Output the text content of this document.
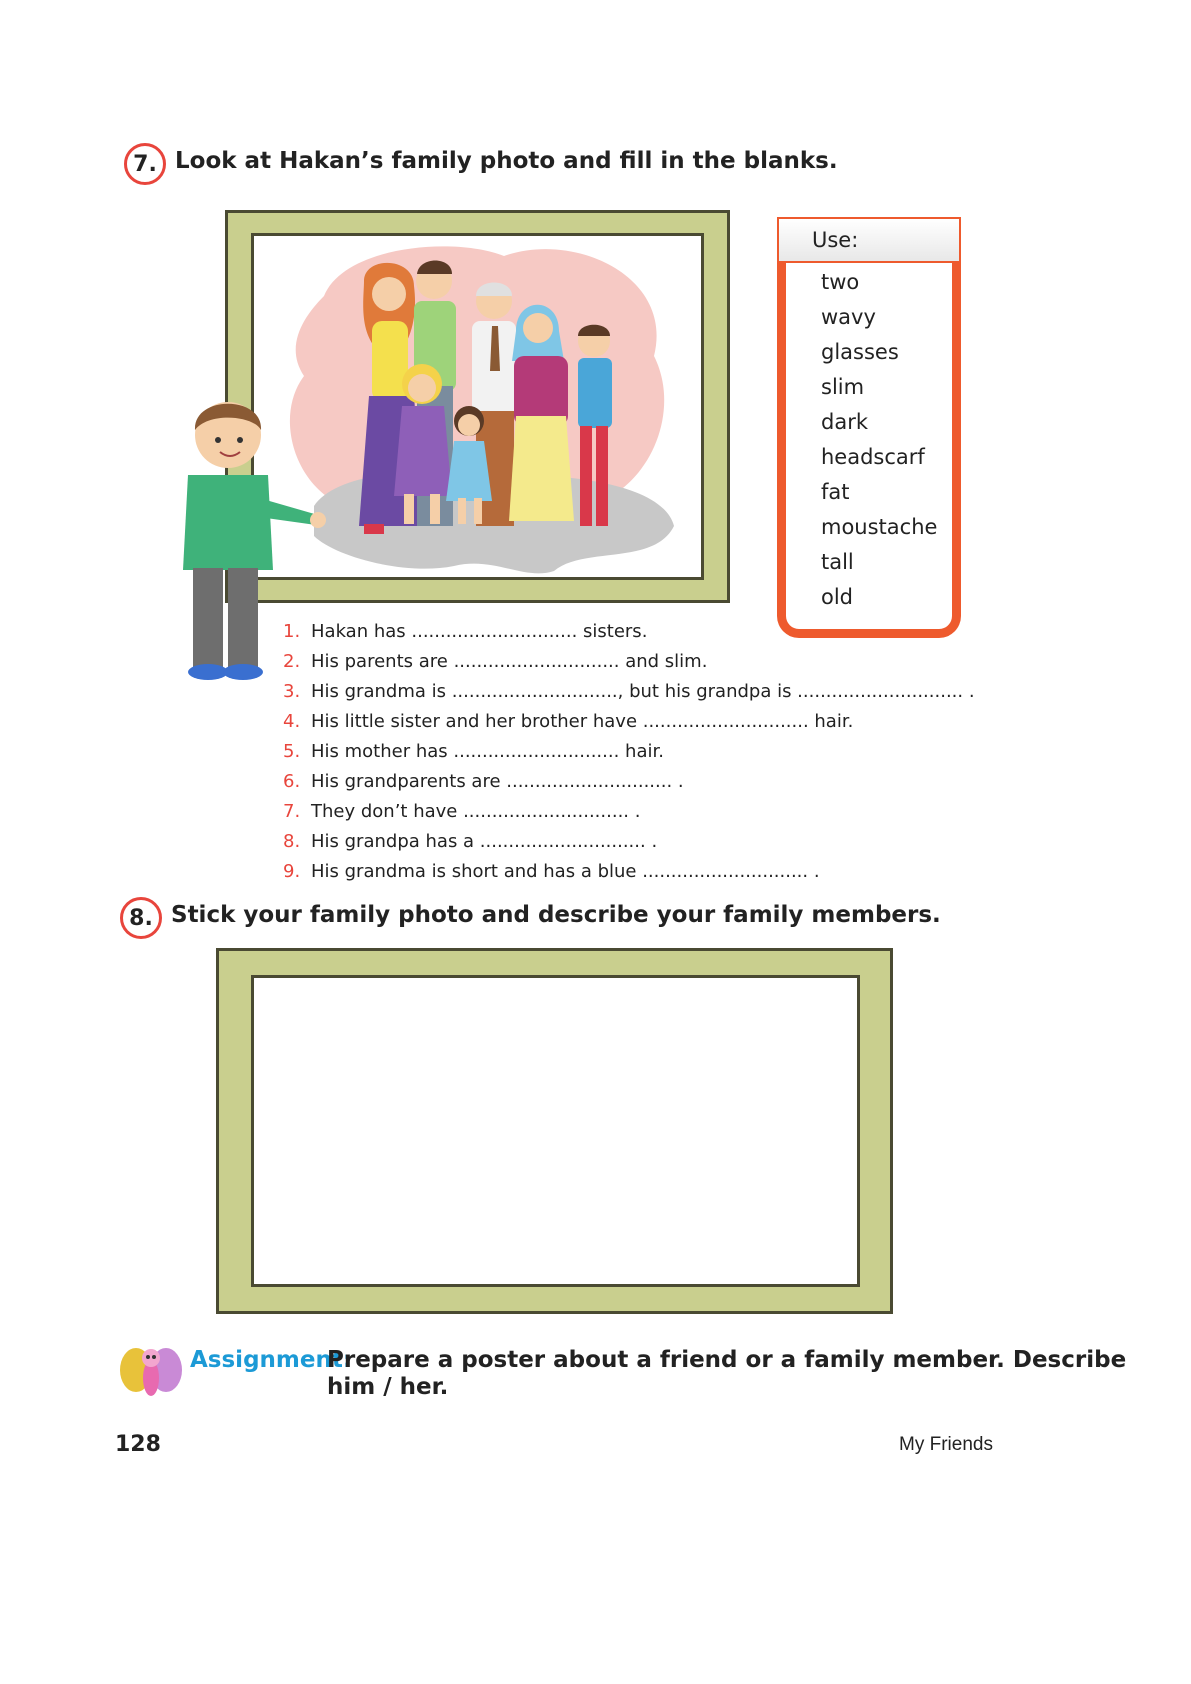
7. Look at Hakan’s family photo and fill in the blanks.
Use:
two
wavy
glasses
slim
dark
headscarf
fat
moustache
tall
old
1. Hakan has ............................. sisters.
2. His parents are ............................. and slim.
3. His grandma is ............................., but his grandpa is ............................. .
4. His little sister and her brother have ............................. hair.
5. His mother has ............................. hair.
6. His grandparents are ............................. .
7. They don’t have ............................. .
8. His grandpa has a ............................. .
9. His grandma is short and has a blue ............................. .
8. Stick your family photo and describe your family members.
Assignment:
Prepare a poster about a friend or a family member. Describe
him / her.
128	My Friends
